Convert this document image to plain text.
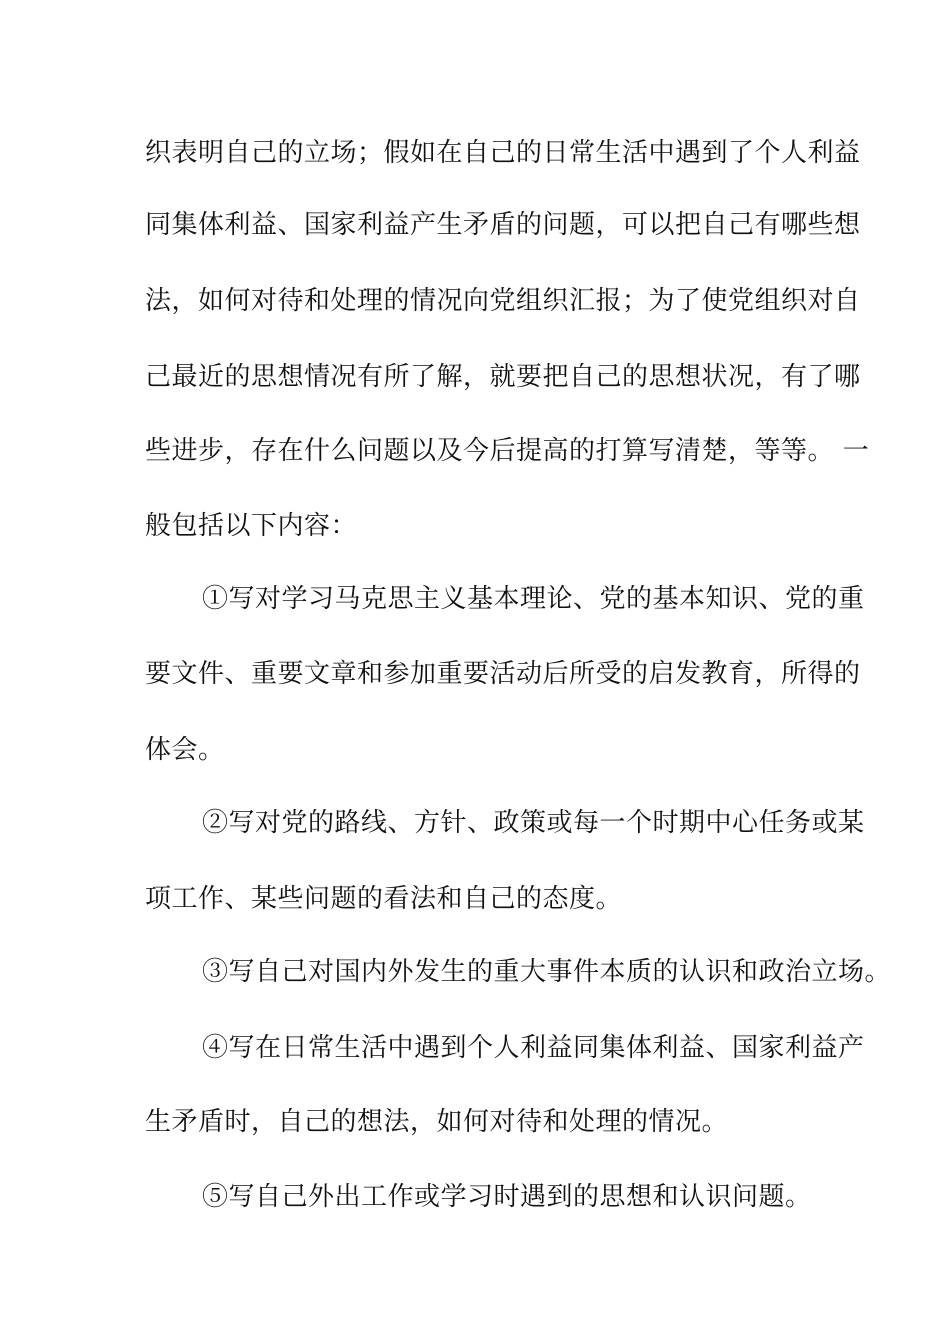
织表明自己的立场；假如在自己的日常生活中遇到了个人利益
同集体利益、国家利益产生矛盾的问题，可以把自己有哪些想
法，如何对待和处理的情况向党组织汇报；为了使党组织对自
己最近的思想情况有所了解，就要把自己的思想状况，有了哪
些进步，存在什么问题以及今后提高的打算写清楚，等等。 一
般包括以下内容：
①写对学习马克思主义基本理论、党的基本知识、党的重
要文件、重要文章和参加重要活动后所受的启发教育，所得的
体会。
②写对党的路线、方针、政策或每一个时期中心任务或某
项工作、某些问题的看法和自己的态度。
③写自己对国内外发生的重大事件本质的认识和政治立场。
④写在日常生活中遇到个人利益同集体利益、国家利益产
生矛盾时，自己的想法，如何对待和处理的情况。
⑤写自己外出工作或学习时遇到的思想和认识问题。
